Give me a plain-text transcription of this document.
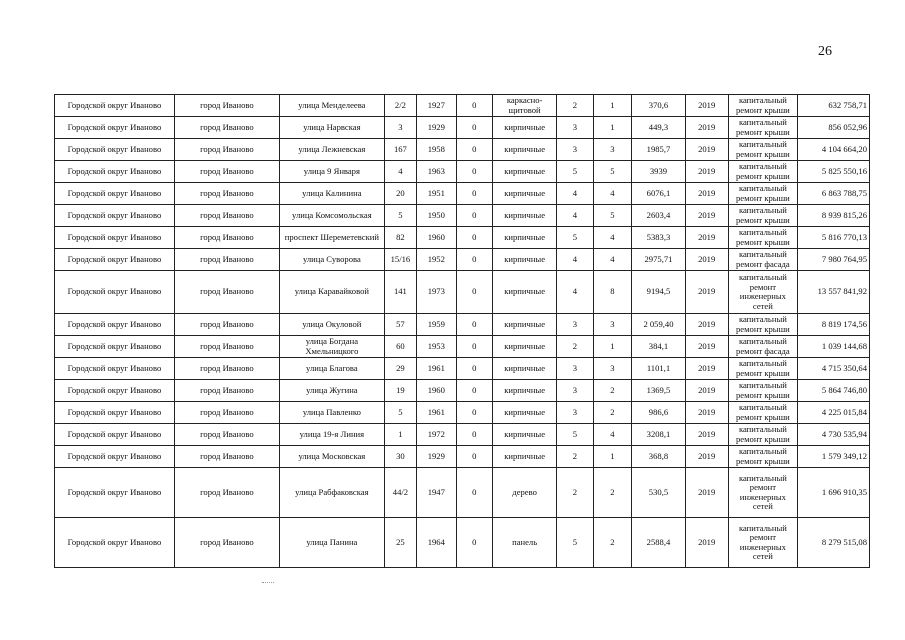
26
Городской округ Иваново	город Иваново	улица Менделеева	2/2	1927	0	каркасно-щитовой	2	1	370,6	2019	капитальный ремонт крыши	632 758,71
Городской округ Иваново	город Иваново	улица Нарвская	3	1929	0	кирпичные	3	1	449,3	2019	капитальный ремонт крыши	856 052,96
Городской округ Иваново	город Иваново	улица Лежневская	167	1958	0	кирпичные	3	3	1985,7	2019	капитальный ремонт крыши	4 104 664,20
Городской округ Иваново	город Иваново	улица 9 Января	4	1963	0	кирпичные	5	5	3939	2019	капитальный ремонт крыши	5 825 550,16
Городской округ Иваново	город Иваново	улица Калинина	20	1951	0	кирпичные	4	4	6076,1	2019	капитальный ремонт крыши	6 863 788,75
Городской округ Иваново	город Иваново	улица Комсомольская	5	1950	0	кирпичные	4	5	2603,4	2019	капитальный ремонт крыши	8 939 815,26
Городской округ Иваново	город Иваново	проспект Шереметевский	82	1960	0	кирпичные	5	4	5383,3	2019	капитальный ремонт крыши	5 816 770,13
Городской округ Иваново	город Иваново	улица Суворова	15/16	1952	0	кирпичные	4	4	2975,71	2019	капитальный ремонт фасада	7 980 764,95
Городской округ Иваново	город Иваново	улица Каравайковой	141	1973	0	кирпичные	4	8	9194,5	2019	капитальный ремонт инженерных сетей	13 557 841,92
Городской округ Иваново	город Иваново	улица Окуловой	57	1959	0	кирпичные	3	3	2 059,40	2019	капитальный ремонт крыши	8 819 174,56
Городской округ Иваново	город Иваново	улица Богдана Хмельницкого	60	1953	0	кирпичные	2	1	384,1	2019	капитальный ремонт фасада	1 039 144,68
Городской округ Иваново	город Иваново	улица Благова	29	1961	0	кирпичные	3	3	1101,1	2019	капитальный ремонт крыши	4 715 350,64
Городской округ Иваново	город Иваново	улица Жугина	19	1960	0	кирпичные	3	2	1369,5	2019	капитальный ремонт крыши	5 864 746,80
Городской округ Иваново	город Иваново	улица Павленко	5	1961	0	кирпичные	3	2	986,6	2019	капитальный ремонт крыши	4 225 015,84
Городской округ Иваново	город Иваново	улица 19-я Линия	1	1972	0	кирпичные	5	4	3208,1	2019	капитальный ремонт крыши	4 730 535,94
Городской округ Иваново	город Иваново	улица Московская	30	1929	0	кирпичные	2	1	368,8	2019	капитальный ремонт крыши	1 579 349,12
Городской округ Иваново	город Иваново	улица Рабфаковская	44/2	1947	0	дерево	2	2	530,5	2019	капитальный ремонт инженерных сетей	1 696 910,35
Городской округ Иваново	город Иваново	улица Панина	25	1964	0	панель	5	2	2588,4	2019	капитальный ремонт инженерных сетей	8 279 515,08
